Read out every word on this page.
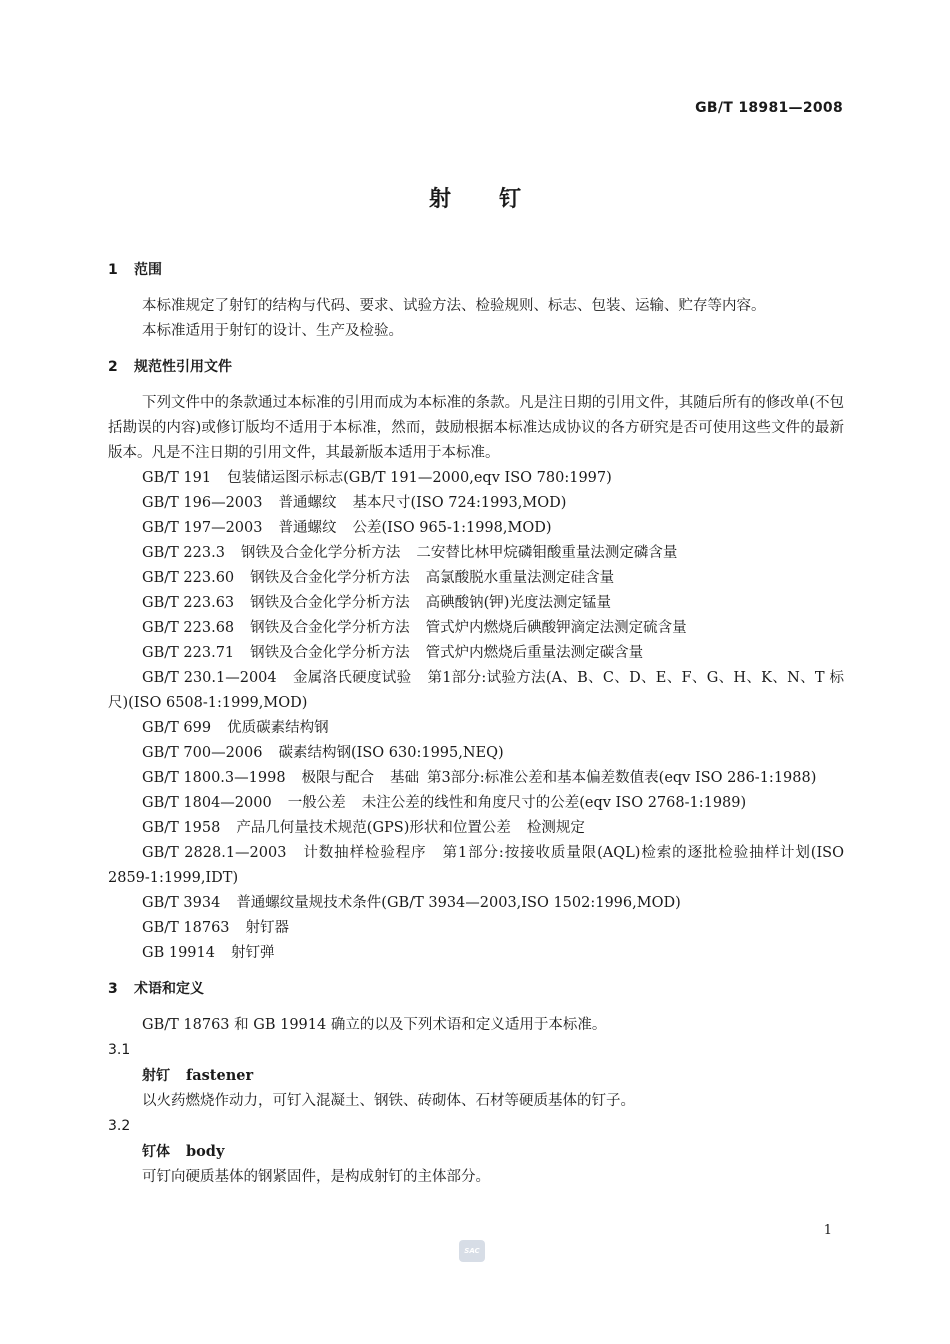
GB/T 18981—2008
射钉

1 范围

本标准规定了射钉的结构与代码、要求、试验方法、检验规则、标志、包装、运输、贮存等内容。

本标准适用于射钉的设计、生产及检验。

2 规范性引用文件

下列文件中的条款通过本标准的引用而成为本标准的条款。凡是注日期的引用文件，其随后所有的修改单(不包括勘误的内容)或修订版均不适用于本标准，然而，鼓励根据本标准达成协议的各方研究是否可使用这些文件的最新版本。凡是不注日期的引用文件，其最新版本适用于本标准。

GB/T 191 包装储运图示标志(GB/T 191—2000,eqv ISO 780:1997)

GB/T 196—2003 普通螺纹 基本尺寸(ISO 724:1993,MOD)

GB/T 197—2003 普通螺纹 公差(ISO 965-1:1998,MOD)

GB/T 223.3 钢铁及合金化学分析方法 二安替比林甲烷磷钼酸重量法测定磷含量

GB/T 223.60 钢铁及合金化学分析方法 高氯酸脱水重量法测定硅含量

GB/T 223.63 钢铁及合金化学分析方法 高碘酸钠(钾)光度法测定锰量

GB/T 223.68 钢铁及合金化学分析方法 管式炉内燃烧后碘酸钾滴定法测定硫含量

GB/T 223.71 钢铁及合金化学分析方法 管式炉内燃烧后重量法测定碳含量

GB/T 230.1—2004 金属洛氏硬度试验 第1部分:试验方法(A、B、C、D、E、F、G、H、K、N、T 标尺)(ISO 6508-1:1999,MOD)

GB/T 699 优质碳素结构钢

GB/T 700—2006 碳素结构钢(ISO 630:1995,NEQ)

GB/T 1800.3—1998 极限与配合 基础 第3部分:标准公差和基本偏差数值表(eqv ISO 286-1:1988)

GB/T 1804—2000 一般公差 未注公差的线性和角度尺寸的公差(eqv ISO 2768-1:1989)

GB/T 1958 产品几何量技术规范(GPS)形状和位置公差 检测规定

GB/T 2828.1—2003 计数抽样检验程序 第1部分:按接收质量限(AQL)检索的逐批检验抽样计划(ISO 2859-1:1999,IDT)

GB/T 3934 普通螺纹量规技术条件(GB/T 3934—2003,ISO 1502:1996,MOD)

GB/T 18763 射钉器

GB 19914 射钉弹

3 术语和定义

GB/T 18763 和 GB 19914 确立的以及下列术语和定义适用于本标准。

3.1

射钉 fastener

以火药燃烧作动力，可钉入混凝土、钢铁、砖砌体、石材等硬质基体的钉子。

3.2

钉体 body

可钉向硬质基体的钢紧固件，是构成射钉的主体部分。

1
SAC
